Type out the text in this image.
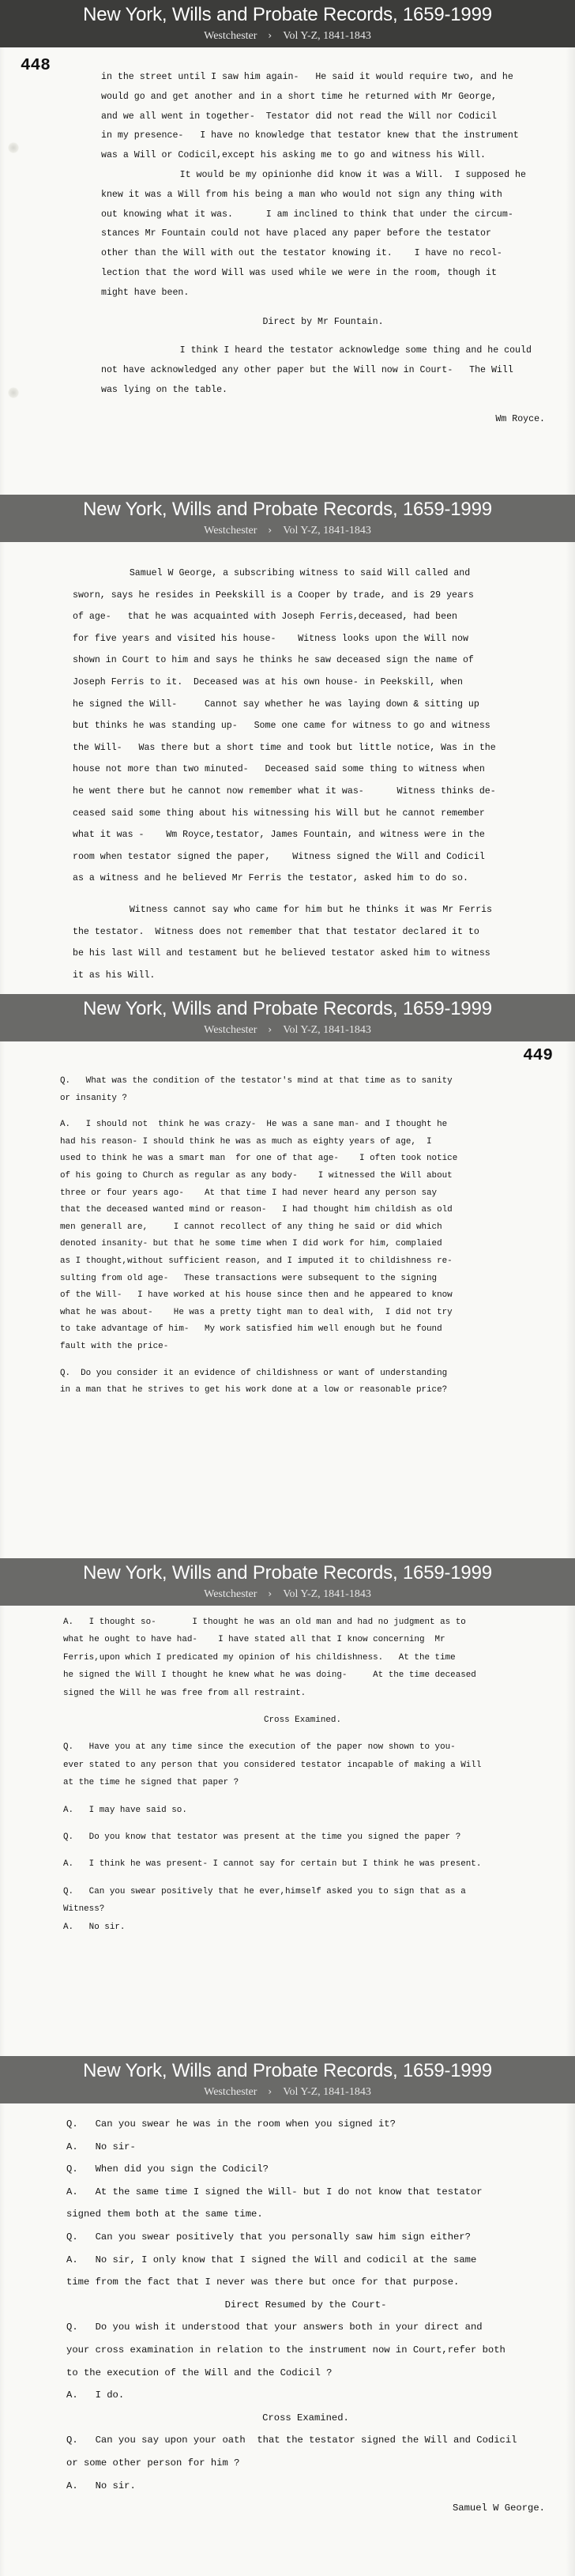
New York, Wills and Probate Records, 1659-1999
Westchester › Vol Y-Z, 1841-1843
448
in the street until I saw him again-   He said it would require two, and he
would go and get another and in a short time he returned with Mr George,
and we all went in together-  Testator did not read the Will nor Codicil
in my presence-   I have no knowledge that testator knew that the instrument
was a Will or Codicil,except his asking me to go and witness his Will.
It would be my opinionhe did know it was a Will.  I supposed he
knew it was a Will from his being a man who would not sign any thing with
out knowing what it was.      I am inclined to think that under the circum-
stances Mr Fountain could not have placed any paper before the testator
other than the Will with out the testator knowing it.    I have no recol-
lection that the word Will was used while we were in the room, though it
might have been.
Direct by Mr Fountain.
I think I heard the testator acknowledge some thing and he could
not have acknowledged any other paper but the Will now in Court-   The Will
was lying on the table.
Wm Royce.
New York, Wills and Probate Records, 1659-1999
Westchester › Vol Y-Z, 1841-1843
Samuel W George, a subscribing witness to said Will called and
sworn, says he resides in Peekskill is a Cooper by trade, and is 29 years
of age-   that he was acquainted with Joseph Ferris,deceased, had been
for five years and visited his house-    Witness looks upon the Will now
shown in Court to him and says he thinks he saw deceased sign the name of
Joseph Ferris to it.  Deceased was at his own house- in Peekskill, when
he signed the Will-     Cannot say whether he was laying down & sitting up
but thinks he was standing up-   Some one came for witness to go and witness
the Will-   Was there but a short time and took but little notice, Was in the
house not more than two minuted-   Deceased said some thing to witness when
he went there but he cannot now remember what it was-      Witness thinks de-
ceased said some thing about his witnessing his Will but he cannot remember
what it was -    Wm Royce,testator, James Fountain, and witness were in the
room when testator signed the paper,    Witness signed the Will and Codicil
as a witness and he believed Mr Ferris the testator, asked him to do so.
Witness cannot say who came for him but he thinks it was Mr Ferris
the testator.  Witness does not remember that that testator declared it to
be his last Will and testament but he believed testator asked him to witness
it as his Will.
New York, Wills and Probate Records, 1659-1999
Westchester › Vol Y-Z, 1841-1843
449
Q.   What was the condition of the testator's mind at that time as to sanity
or insanity ?
A.   I should not  think he was crazy-  He was a sane man- and I thought he
had his reason- I should think he was as much as eighty years of age,  I
used to think he was a smart man  for one of that age-    I often took notice
of his going to Church as regular as any body-    I witnessed the Will about
three or four years ago-    At that time I had never heard any person say
that the deceased wanted mind or reason-   I had thought him childish as old
men generall are,     I cannot recollect of any thing he said or did which
denoted insanity- but that he some time when I did work for him, complaied
as I thought,without sufficient reason, and I imputed it to childishness re-
sulting from old age-   These transactions were subsequent to the signing
of the Will-   I have worked at his house since then and he appeared to know
what he was about-    He was a pretty tight man to deal with,  I did not try
to take advantage of him-   My work satisfied him well enough but he found
fault with the price-
Q.  Do you consider it an evidence of childishness or want of understanding
in a man that he strives to get his work done at a low or reasonable price?
New York, Wills and Probate Records, 1659-1999
Westchester › Vol Y-Z, 1841-1843
A.   I thought so-       I thought he was an old man and had no judgment as to
what he ought to have had-    I have stated all that I know concerning  Mr
Ferris,upon which I predicated my opinion of his childishness.   At the time
he signed the Will I thought he knew what he was doing-     At the time deceased
signed the Will he was free from all restraint.
Cross Examined.
Q.   Have you at any time since the execution of the paper now shown to you-
ever stated to any person that you considered testator incapable of making a Will
at the time he signed that paper ?
A.   I may have said so.
Q.   Do you know that testator was present at the time you signed the paper ?
A.   I think he was present- I cannot say for certain but I think he was present.
Q.   Can you swear positively that he ever,himself asked you to sign that as a
Witness?
A.   No sir.
New York, Wills and Probate Records, 1659-1999
Westchester › Vol Y-Z, 1841-1843
Q.   Can you swear he was in the room when you signed it?
A.   No sir-
Q.   When did you sign the Codicil?
A.   At the same time I signed the Will- but I do not know that testator
signed them both at the same time.
Q.   Can you swear positively that you personally saw him sign either?
A.   No sir, I only know that I signed the Will and codicil at the same
time from the fact that I never was there but once for that purpose.
Direct Resumed by the Court-
Q.   Do you wish it understood that your answers both in your direct and
your cross examination in relation to the instrument now in Court,refer both
to the execution of the Will and the Codicil ?
A.   I do.
Cross Examined.
Q.   Can you say upon your oath  that the testator signed the Will and Codicil
or some other person for him ?
A.   No sir.
Samuel W George.
